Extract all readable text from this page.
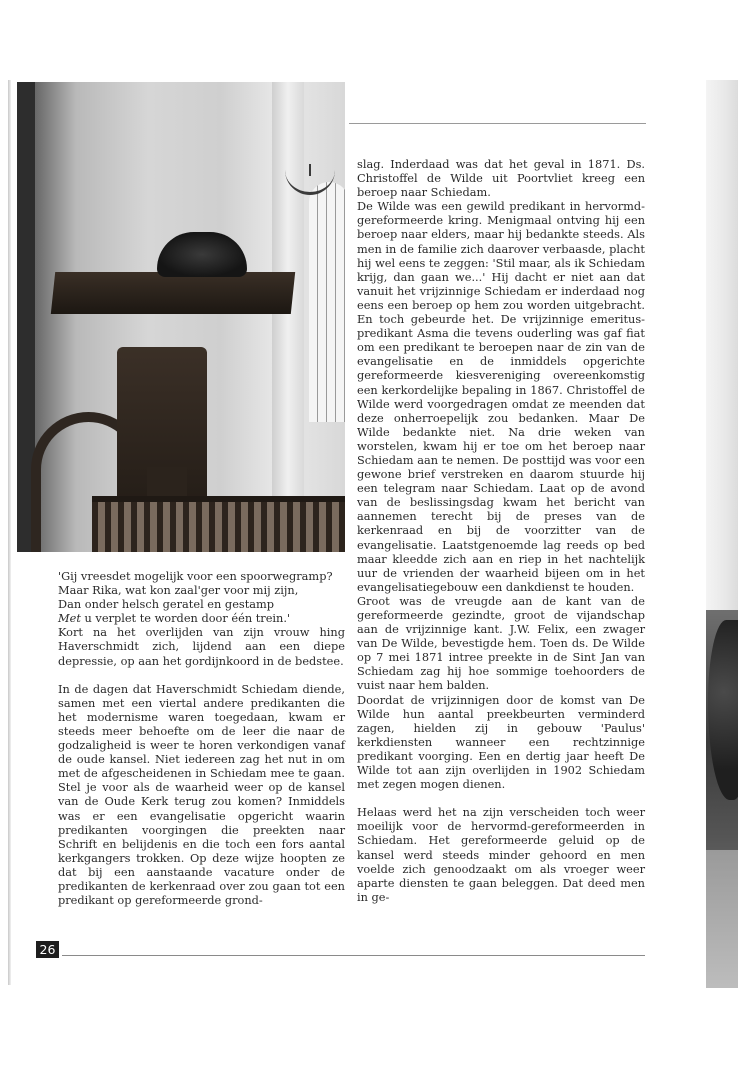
'Gij vreesdet mogelijk voor een spoorwegramp?
Maar Rika, wat kon zaal'ger voor mij zijn,
Dan onder helsch geratel en gestamp
Met u verplet te worden door één trein.'

Kort na het overlijden van zijn vrouw hing Haverschmidt zich, lijdend aan een diepe depressie, op aan het gordijnkoord in de bedstee.

In de dagen dat Haverschmidt Schiedam diende, samen met een viertal andere predikanten die het modernisme waren toegedaan, kwam er steeds meer behoefte om de leer die naar de godzaligheid is weer te horen verkondigen vanaf de oude kansel. Niet iedereen zag het nut in om met de afgescheidenen in Schiedam mee te gaan. Stel je voor als de waarheid weer op de kansel van de Oude Kerk terug zou komen? Inmiddels was er een evangelisatie opgericht waarin predikanten voorgingen die preekten naar Schrift en belijdenis en die toch een fors aantal kerkgangers trokken. Op deze wijze hoopten ze dat bij een aanstaande vacature onder de predikanten de kerkenraad over zou gaan tot een predikant op gereformeerde grond-

slag. Inderdaad was dat het geval in 1871. Ds. Christoffel de Wilde uit Poortvliet kreeg een beroep naar Schiedam.

De Wilde was een gewild predikant in hervormd-gereformeerde kring. Menigmaal ontving hij een beroep naar elders, maar hij bedankte steeds. Als men in de familie zich daarover verbaasde, placht hij wel eens te zeggen: 'Stil maar, als ik Schiedam krijg, dan gaan we...' Hij dacht er niet aan dat vanuit het vrijzinnige Schiedam er inderdaad nog eens een beroep op hem zou worden uitgebracht. En toch gebeurde het. De vrijzinnige emeritus-predikant Asma die tevens ouderling was gaf fiat om een predikant te beroepen naar de zin van de evangelisatie en de inmiddels opgerichte gereformeerde kiesvereniging overeenkomstig een kerkordelijke bepaling in 1867. Christoffel de Wilde werd voorgedragen omdat ze meenden dat deze onherroepelijk zou bedanken. Maar De Wilde bedankte niet. Na drie weken van worstelen, kwam hij er toe om het beroep naar Schiedam aan te nemen. De posttijd was voor een gewone brief verstreken en daarom stuurde hij een telegram naar Schiedam. Laat op de avond van de beslissingsdag kwam het bericht van aannemen terecht bij de preses van de kerkenraad en bij de voorzitter van de evangelisatie. Laatstgenoemde lag reeds op bed maar kleedde zich aan en riep in het nachtelijk uur de vrienden der waarheid bijeen om in het evangelisatiegebouw een dankdienst te houden.

Groot was de vreugde aan de kant van de gereformeerde gezindte, groot de vijandschap aan de vrijzinnige kant. J.W. Felix, een zwager van De Wilde, bevestigde hem. Toen ds. De Wilde op 7 mei 1871 intree preekte in de Sint Jan van Schiedam zag hij hoe sommige toehoorders de vuist naar hem balden.

Doordat de vrijzinnigen door de komst van De Wilde hun aantal preekbeurten verminderd zagen, hielden zij in gebouw 'Paulus' kerkdiensten wanneer een rechtzinnige predikant voorging. Een en dertig jaar heeft De Wilde tot aan zijn overlijden in 1902 Schiedam met zegen mogen dienen.

Helaas werd het na zijn verscheiden toch weer moeilijk voor de hervormd-gereformeerden in Schiedam. Het gereformeerde geluid op de kansel werd steeds minder gehoord en men voelde zich genoodzaakt om als vroeger weer aparte diensten te gaan beleggen. Dat deed men in ge-

26
